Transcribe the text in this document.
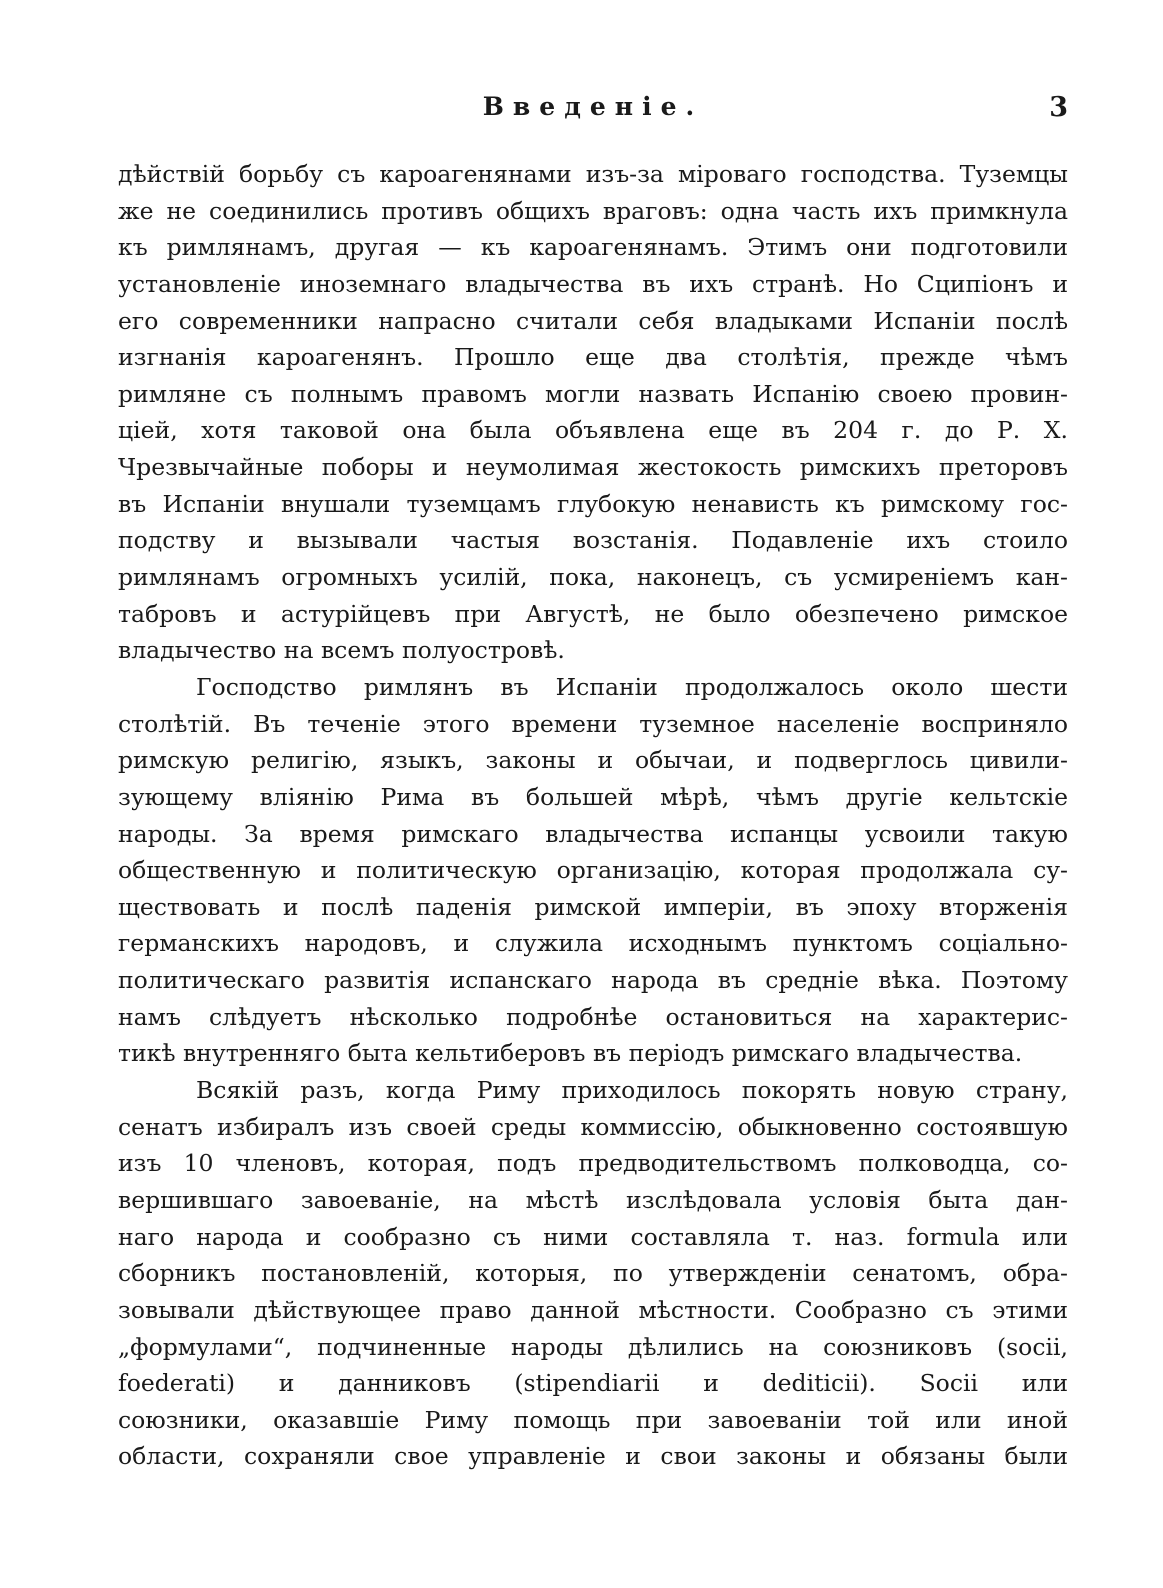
Введеніе.	3
дѣйствій борьбу съ кароагенянами изъ-за міроваго господства. Туземцы
же не соединились противъ общихъ враговъ: одна часть ихъ примкнула
къ римлянамъ, другая — къ кароагенянамъ. Этимъ они подготовили
установленіе иноземнаго владычества въ ихъ странѣ. Но Сципіонъ и
его современники напрасно считали себя владыками Испаніи послѣ
изгнанія кароагенянъ. Прошло еще два столѣтія, прежде чѣмъ
римляне съ полнымъ правомъ могли назвать Испанію своею провин-
ціей, хотя таковой она была объявлена еще въ 204 г. до Р. Х.
Чрезвычайные поборы и неумолимая жестокость римскихъ преторовъ
въ Испаніи внушали туземцамъ глубокую ненависть къ римскому гос-
подству и вызывали частыя возстанія. Подавленіе ихъ стоило
римлянамъ огромныхъ усилій, пока, наконецъ, съ усмиреніемъ кан-
табровъ и астурійцевъ при Августѣ, не было обезпечено римское
владычество на всемъ полуостровѣ.
Господство римлянъ въ Испаніи продолжалось около шести
столѣтій. Въ теченіе этого времени туземное населеніе восприняло
римскую религію, языкъ, законы и обычаи, и подверглось цивили-
зующему вліянію Рима въ большей мѣрѣ, чѣмъ другіе кельтскіе
народы. За время римскаго владычества испанцы усвоили такую
общественную и политическую организацію, которая продолжала су-
ществовать и послѣ паденія римской имперіи, въ эпоху вторженія
германскихъ народовъ, и служила исходнымъ пунктомъ соціально-
политическаго развитія испанскаго народа въ средніе вѣка. Поэтому
намъ слѣдуетъ нѣсколько подробнѣе остановиться на характерис-
тикѣ внутренняго быта кельтиберовъ въ періодъ римскаго владычества.
Всякій разъ, когда Риму приходилось покорять новую страну,
сенатъ избиралъ изъ своей среды коммиссію, обыкновенно состоявшую
изъ 10 членовъ, которая, подъ предводительствомъ полководца, со-
вершившаго завоеваніе, на мѣстѣ изслѣдовала условія быта дан-
наго народа и сообразно съ ними составляла т. наз. formula или
сборникъ постановленій, которыя, по утвержденіи сенатомъ, обра-
зовывали дѣйствующее право данной мѣстности. Сообразно съ этими
„формулами“, подчиненные народы дѣлились на союзниковъ (socii,
foederati) и данниковъ (stipendiarii и dediticii). Socii или
союзники, оказавшіе Риму помощь при завоеваніи той или иной
области, сохраняли свое управленіе и свои законы и обязаны были
